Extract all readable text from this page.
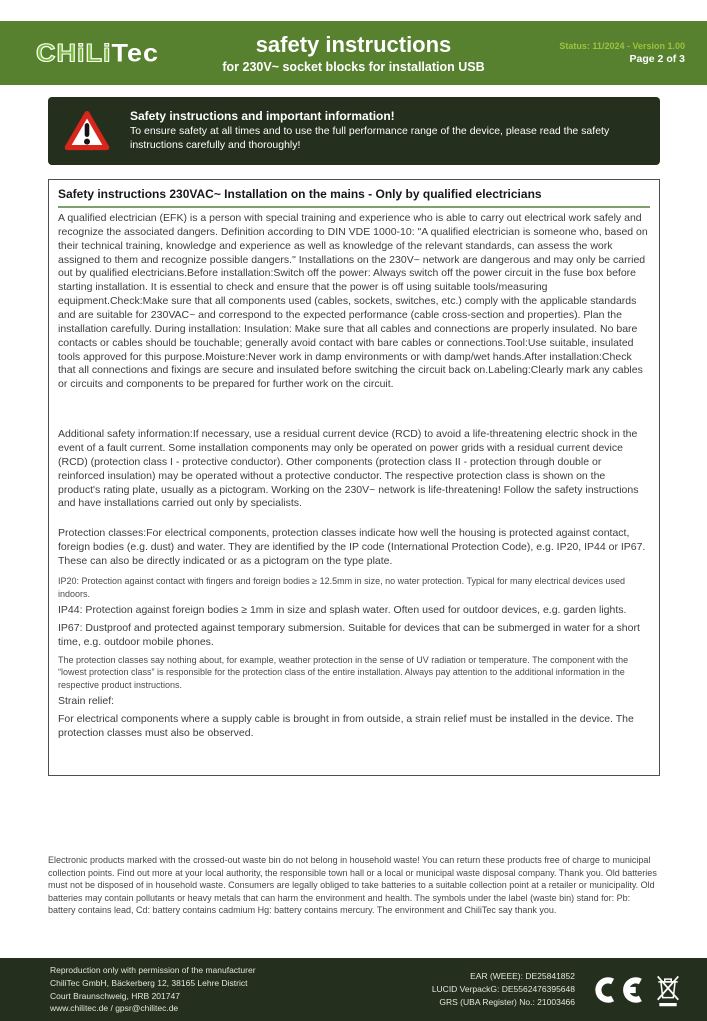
CHiLiTec	safety instructions
for 230V~ socket blocks for installation USB
Status: 11/2024 - Version 1.00
Page 2 of 3
Safety instructions and important information!
To ensure safety at all times and to use the full performance range of the device, please read the safety instructions carefully and thoroughly!
Safety instructions 230VAC~ Installation on the mains - Only by qualified electricians

A qualified electrician (EFK) is a person with special training and experience who is able to carry out electrical work safely and recognize the associated dangers. Definition according to DIN VDE 1000-10: "A qualified electrician is someone who, based on their technical training, knowledge and experience as well as knowledge of the relevant standards, can assess the work assigned to them and recognize possible dangers." Installations on the 230V~ network are dangerous and may only be carried out by qualified electricians.Before installation:Switch off the power: Always switch off the power circuit in the fuse box before starting installation. It is essential to check and ensure that the power is off using suitable tools/measuring equipment.Check:Make sure that all components used (cables, sockets, switches, etc.) comply with the applicable standards and are suitable for 230VAC~ and correspond to the expected performance (cable cross-section and properties). Plan the installation carefully. During installation: Insulation: Make sure that all cables and connections are properly insulated. No bare contacts or cables should be touchable; generally avoid contact with bare cables or connections.Tool:Use suitable, insulated tools approved for this purpose.Moisture:Never work in damp environments or with damp/wet hands.After installation:Check that all connections and fixings are secure and insulated before switching the circuit back on.Labeling:Clearly mark any cables or circuits and components to be prepared for further work on the circuit.

Additional safety information:If necessary, use a residual current device (RCD) to avoid a life-threatening electric shock in the event of a fault current. Some installation components may only be operated on power grids with a residual current device (RCD) (protection class I - protective conductor). Other components (protection class II - protection through double or reinforced insulation) may be operated without a protective conductor. The respective protection class is shown on the product's rating plate, usually as a pictogram. Working on the 230V~ network is life-threatening! Follow the safety instructions and have installations carried out only by specialists.

Protection classes:For electrical components, protection classes indicate how well the housing is protected against contact, foreign bodies (e.g. dust) and water. They are identified by the IP code (International Protection Code), e.g. IP20, IP44 or IP67. These can also be directly indicated or as a pictogram on the type plate.

IP20: Protection against contact with fingers and foreign bodies ≥ 12.5mm in size, no water protection. Typical for many electrical devices used indoors.

IP44: Protection against foreign bodies ≥ 1mm in size and splash water. Often used for outdoor devices, e.g. garden lights.

IP67: Dustproof and protected against temporary submersion. Suitable for devices that can be submerged in water for a short time, e.g. outdoor mobile phones.

The protection classes say nothing about, for example, weather protection in the sense of UV radiation or temperature. The component with the “lowest protection class” is responsible for the protection class of the entire installation. Always pay attention to the additional information in the respective product instructions.

Strain relief:

For electrical components where a supply cable is brought in from outside, a strain relief must be installed in the device. The protection classes must also be observed.

Electronic products marked with the crossed-out waste bin do not belong in household waste! You can return these products free of charge to municipal collection points. Find out more at your local authority, the responsible town hall or a local or municipal waste disposal company. Thank you. Old batteries must not be disposed of in household waste. Consumers are legally obliged to take batteries to a suitable collection point at a retailer or municipality. Old batteries may contain pollutants or heavy metals that can harm the environment and health. The symbols under the label (waste bin) stand for: Pb: battery contains lead, Cd: battery contains cadmium Hg: battery contains mercury. The environment and ChiliTec say thank you.
Reproduction only with permission of the manufacturer
ChiliTec GmbH, Bäckerberg 12, 38165 Lehre District
Court Braunschweig, HRB 201747
www.chilitec.de / gpsr@chilitec.de
EAR (WEEE): DE25841852
LUCID VerpackG: DE5562476395648
GRS (UBA Register) No.: 21003466
